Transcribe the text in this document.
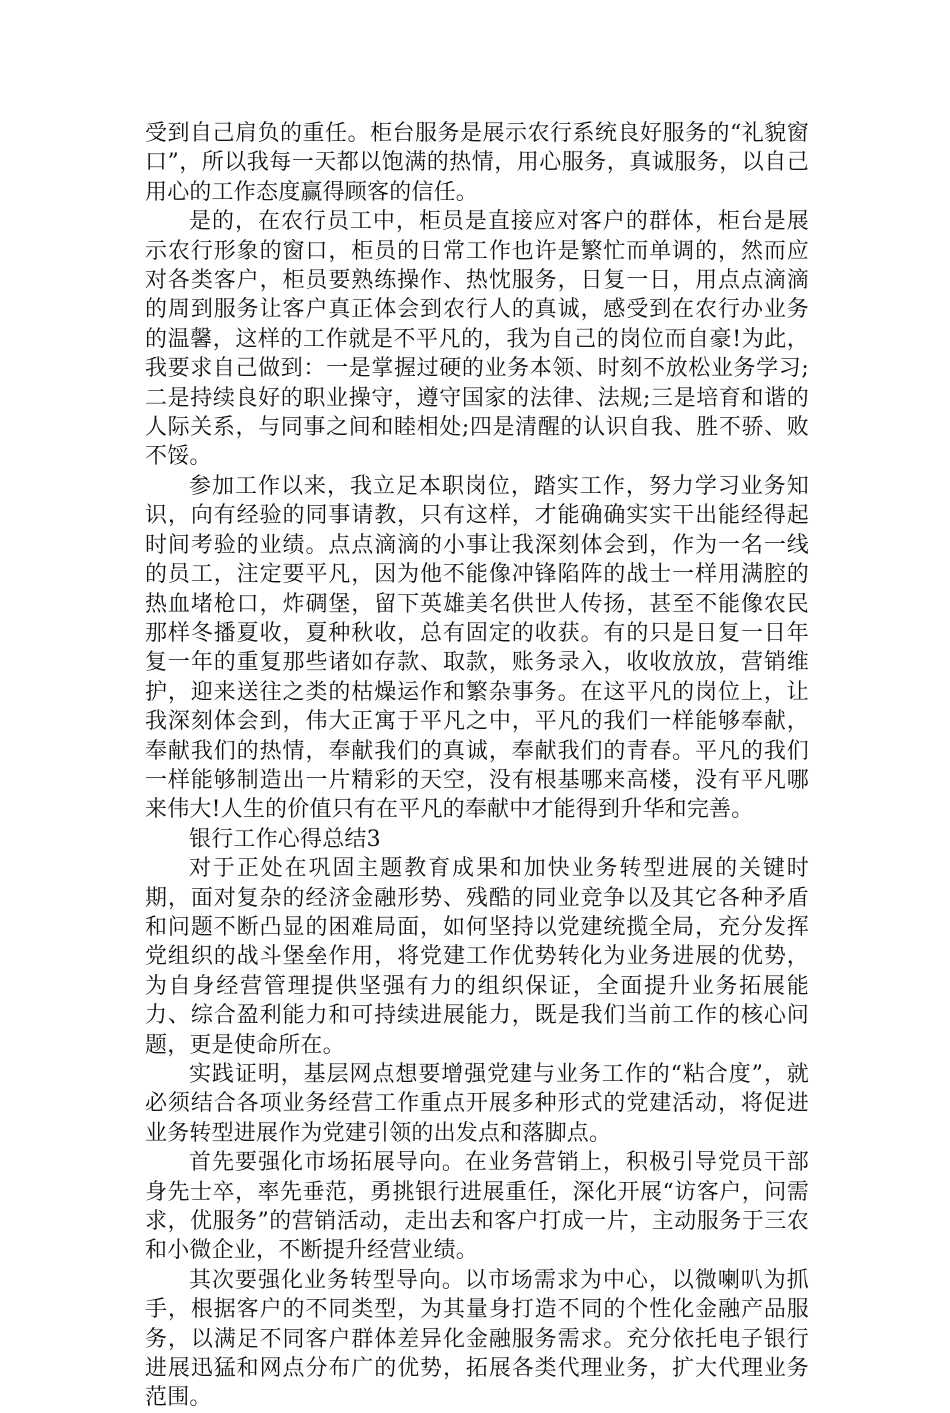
受到自己肩负的重任。柜台服务是展示农行系统良好服务的“礼貌窗口”，所以我每一天都以饱满的热情，用心服务，真诚服务，以自己用心的工作态度赢得顾客的信任。

是的，在农行员工中，柜员是直接应对客户的群体，柜台是展示农行形象的窗口，柜员的日常工作也许是繁忙而单调的，然而应对各类客户，柜员要熟练操作、热忱服务，日复一日，用点点滴滴的周到服务让客户真正体会到农行人的真诚，感受到在农行办业务的温馨，这样的工作就是不平凡的，我为自己的岗位而自豪!为此，我要求自己做到：一是掌握过硬的业务本领、时刻不放松业务学习;二是持续良好的职业操守，遵守国家的法律、法规;三是培育和谐的人际关系，与同事之间和睦相处;四是清醒的认识自我、胜不骄、败不馁。

参加工作以来，我立足本职岗位，踏实工作，努力学习业务知识，向有经验的同事请教，只有这样，才能确确实实干出能经得起时间考验的业绩。点点滴滴的小事让我深刻体会到，作为一名一线的员工，注定要平凡，因为他不能像冲锋陷阵的战士一样用满腔的热血堵枪口，炸碉堡，留下英雄美名供世人传扬，甚至不能像农民那样冬播夏收，夏种秋收，总有固定的收获。有的只是日复一日年复一年的重复那些诸如存款、取款，账务录入，收收放放，营销维护，迎来送往之类的枯燥运作和繁杂事务。在这平凡的岗位上，让我深刻体会到，伟大正寓于平凡之中，平凡的我们一样能够奉献，奉献我们的热情，奉献我们的真诚，奉献我们的青春。平凡的我们一样能够制造出一片精彩的天空，没有根基哪来高楼，没有平凡哪来伟大!人生的价值只有在平凡的奉献中才能得到升华和完善。

银行工作心得总结3

对于正处在巩固主题教育成果和加快业务转型进展的关键时期，面对复杂的经济金融形势、残酷的同业竞争以及其它各种矛盾和问题不断凸显的困难局面，如何坚持以党建统揽全局，充分发挥党组织的战斗堡垒作用，将党建工作优势转化为业务进展的优势，为自身经营管理提供坚强有力的组织保证，全面提升业务拓展能力、综合盈利能力和可持续进展能力，既是我们当前工作的核心问题，更是使命所在。

实践证明，基层网点想要增强党建与业务工作的“粘合度”，就必须结合各项业务经营工作重点开展多种形式的党建活动，将促进业务转型进展作为党建引领的出发点和落脚点。

首先要强化市场拓展导向。在业务营销上，积极引导党员干部身先士卒，率先垂范，勇挑银行进展重任，深化开展“访客户，问需求，优服务”的营销活动，走出去和客户打成一片，主动服务于三农和小微企业，不断提升经营业绩。

其次要强化业务转型导向。以市场需求为中心，以微喇叭为抓手，根据客户的不同类型，为其量身打造不同的个性化金融产品服务，以满足不同客户群体差异化金融服务需求。充分依托电子银行进展迅猛和网点分布广的优势，拓展各类代理业务，扩大代理业务范围。
